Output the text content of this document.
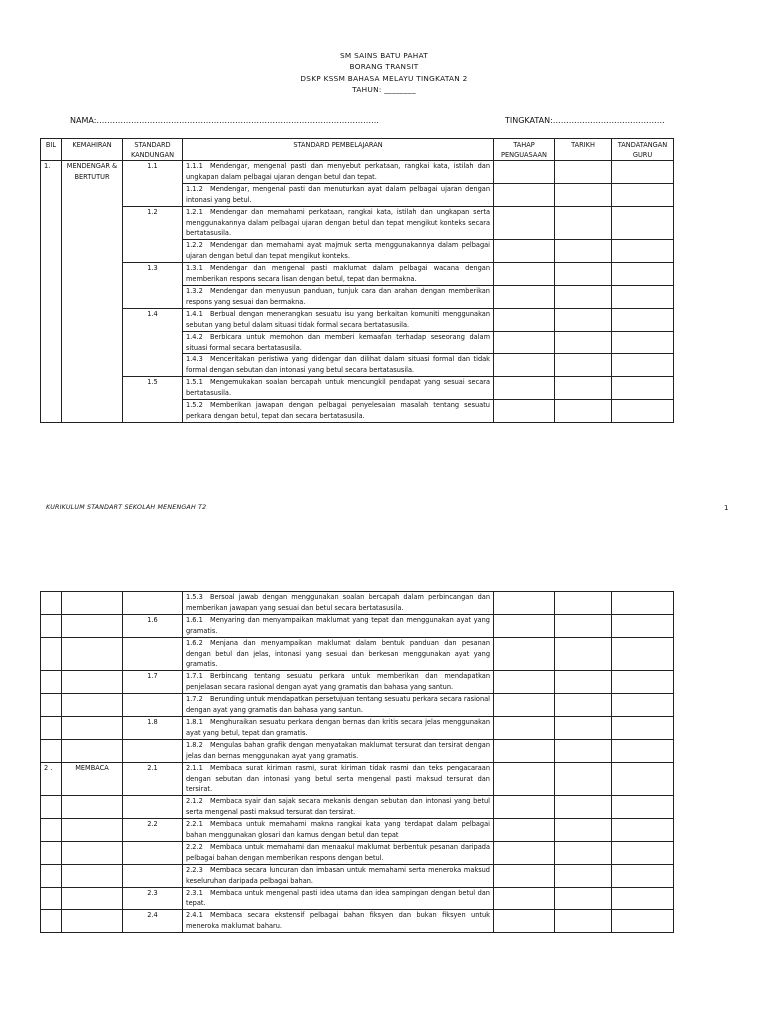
SM SAINS BATU PAHAT
BORANG TRANSIT
DSKP KSSM BAHASA MELAYU TINGKATAN 2
TAHUN: ________
NAMA:…………………………………………………………………………………………….	TINGKATAN:……………………………………
BIL	KEMAHIRAN	STANDARD KANDUNGAN	STANDARD PEMBELAJARAN	TAHAP PENGUASAAN	TARIKH	TANDATANGAN GURU
1.	MENDENGAR & BERTUTUR	1.1	1.1.1 Mendengar, mengenal pasti dan menyebut perkataan, rangkai kata, istilah dan ungkapan dalam pelbagai ujaran dengan betul dan tepat.			
			1.1.2 Mendengar, mengenal pasti dan menuturkan ayat dalam pelbagai ujaran dengan intonasi yang betul.			
		1.2	1.2.1 Mendengar dan memahami perkataan, rangkai kata, istilah dan ungkapan serta menggunakannya dalam pelbagai ujaran dengan betul dan tepat mengikut konteks secara bertatasusila.			
			1.2.2 Mendengar dan memahami ayat majmuk serta menggunakannya dalam pelbagai ujaran dengan betul dan tepat mengikut konteks.			
		1.3	1.3.1 Mendengar dan mengenal pasti maklumat dalam pelbagai wacana dengan memberikan respons secara lisan dengan betul, tepat dan bermakna.			
			1.3.2 Mendengar dan menyusun panduan, tunjuk cara dan arahan dengan memberikan respons yang sesuai dan bermakna.			
		1.4	1.4.1 Berbual dengan menerangkan sesuatu isu yang berkaitan komuniti menggunakan sebutan yang betul dalam situasi tidak formal secara bertatasusila.			
			1.4.2 Berbicara untuk memohon dan memberi kemaafan terhadap seseorang dalam situasi formal secara bertatasusila.			
			1.4.3 Menceritakan peristiwa yang didengar dan dilihat dalam situasi formal dan tidak formal dengan sebutan dan intonasi yang betul secara bertatasusila.			
		1.5	1.5.1 Mengemukakan soalan bercapah untuk mencungkil pendapat yang sesuai secara bertatasusila.			
			1.5.2 Memberikan jawapan dengan pelbagai penyelesaian masalah tentang sesuatu perkara dengan betul, tepat dan secara bertatasusila.			
KURIKULUM STANDART SEKOLAH MENENGAH T2	1
			1.5.3 Bersoal jawab dengan menggunakan soalan bercapah dalam perbincangan dan memberikan jawapan yang sesuai dan betul secara bertatasusila.			
		1.6	1.6.1 Menyaring dan menyampaikan maklumat yang tepat dan menggunakan ayat yang gramatis.			
			1.6.2 Menjana dan menyampaikan maklumat dalam bentuk panduan dan pesanan dengan betul dan jelas, intonasi yang sesuai dan berkesan menggunakan ayat yang gramatis.			
		1.7	1.7.1 Berbincang tentang sesuatu perkara untuk memberikan dan mendapatkan penjelasan secara rasional dengan ayat yang gramatis dan bahasa yang santun.			
			1.7.2 Berunding untuk mendapatkan persetujuan tentang sesuatu perkara secara rasional dengan ayat yang gramatis dan bahasa yang santun.			
		1.8	1.8.1 Menghuraikan sesuatu perkara dengan bernas dan kritis secara jelas menggunakan ayat yang betul, tepat dan gramatis.			
			1.8.2 Mengulas bahan grafik dengan menyatakan maklumat tersurat dan tersirat dengan jelas dan bernas menggunakan ayat yang gramatis.			
2 .	MEMBACA	2.1	2.1.1 Membaca surat kiriman rasmi, surat kiriman tidak rasmi dan teks pengacaraan dengan sebutan dan intonasi yang betul serta mengenal pasti maksud tersurat dan tersirat.			
			2.1.2 Membaca syair dan sajak secara mekanis dengan sebutan dan intonasi yang betul serta mengenal pasti maksud tersurat dan tersirat.			
		2.2	2.2.1 Membaca untuk memahami makna rangkai kata yang terdapat dalam pelbagai bahan menggunakan glosari dan kamus dengan betul dan tepat			
			2.2.2 Membaca untuk memahami dan menaakul maklumat berbentuk pesanan daripada pelbagai bahan dengan memberikan respons dengan betul.			
			2.2.3 Membaca secara luncuran dan imbasan untuk memahami serta meneroka maksud keseluruhan daripada pelbagai bahan.			
		2.3	2.3.1 Membaca untuk mengenal pasti idea utama dan idea sampingan dengan betul dan tepat.			
		2.4	2.4.1 Membaca secara ekstensif pelbagai bahan fiksyen dan bukan fiksyen untuk meneroka maklumat baharu.			
